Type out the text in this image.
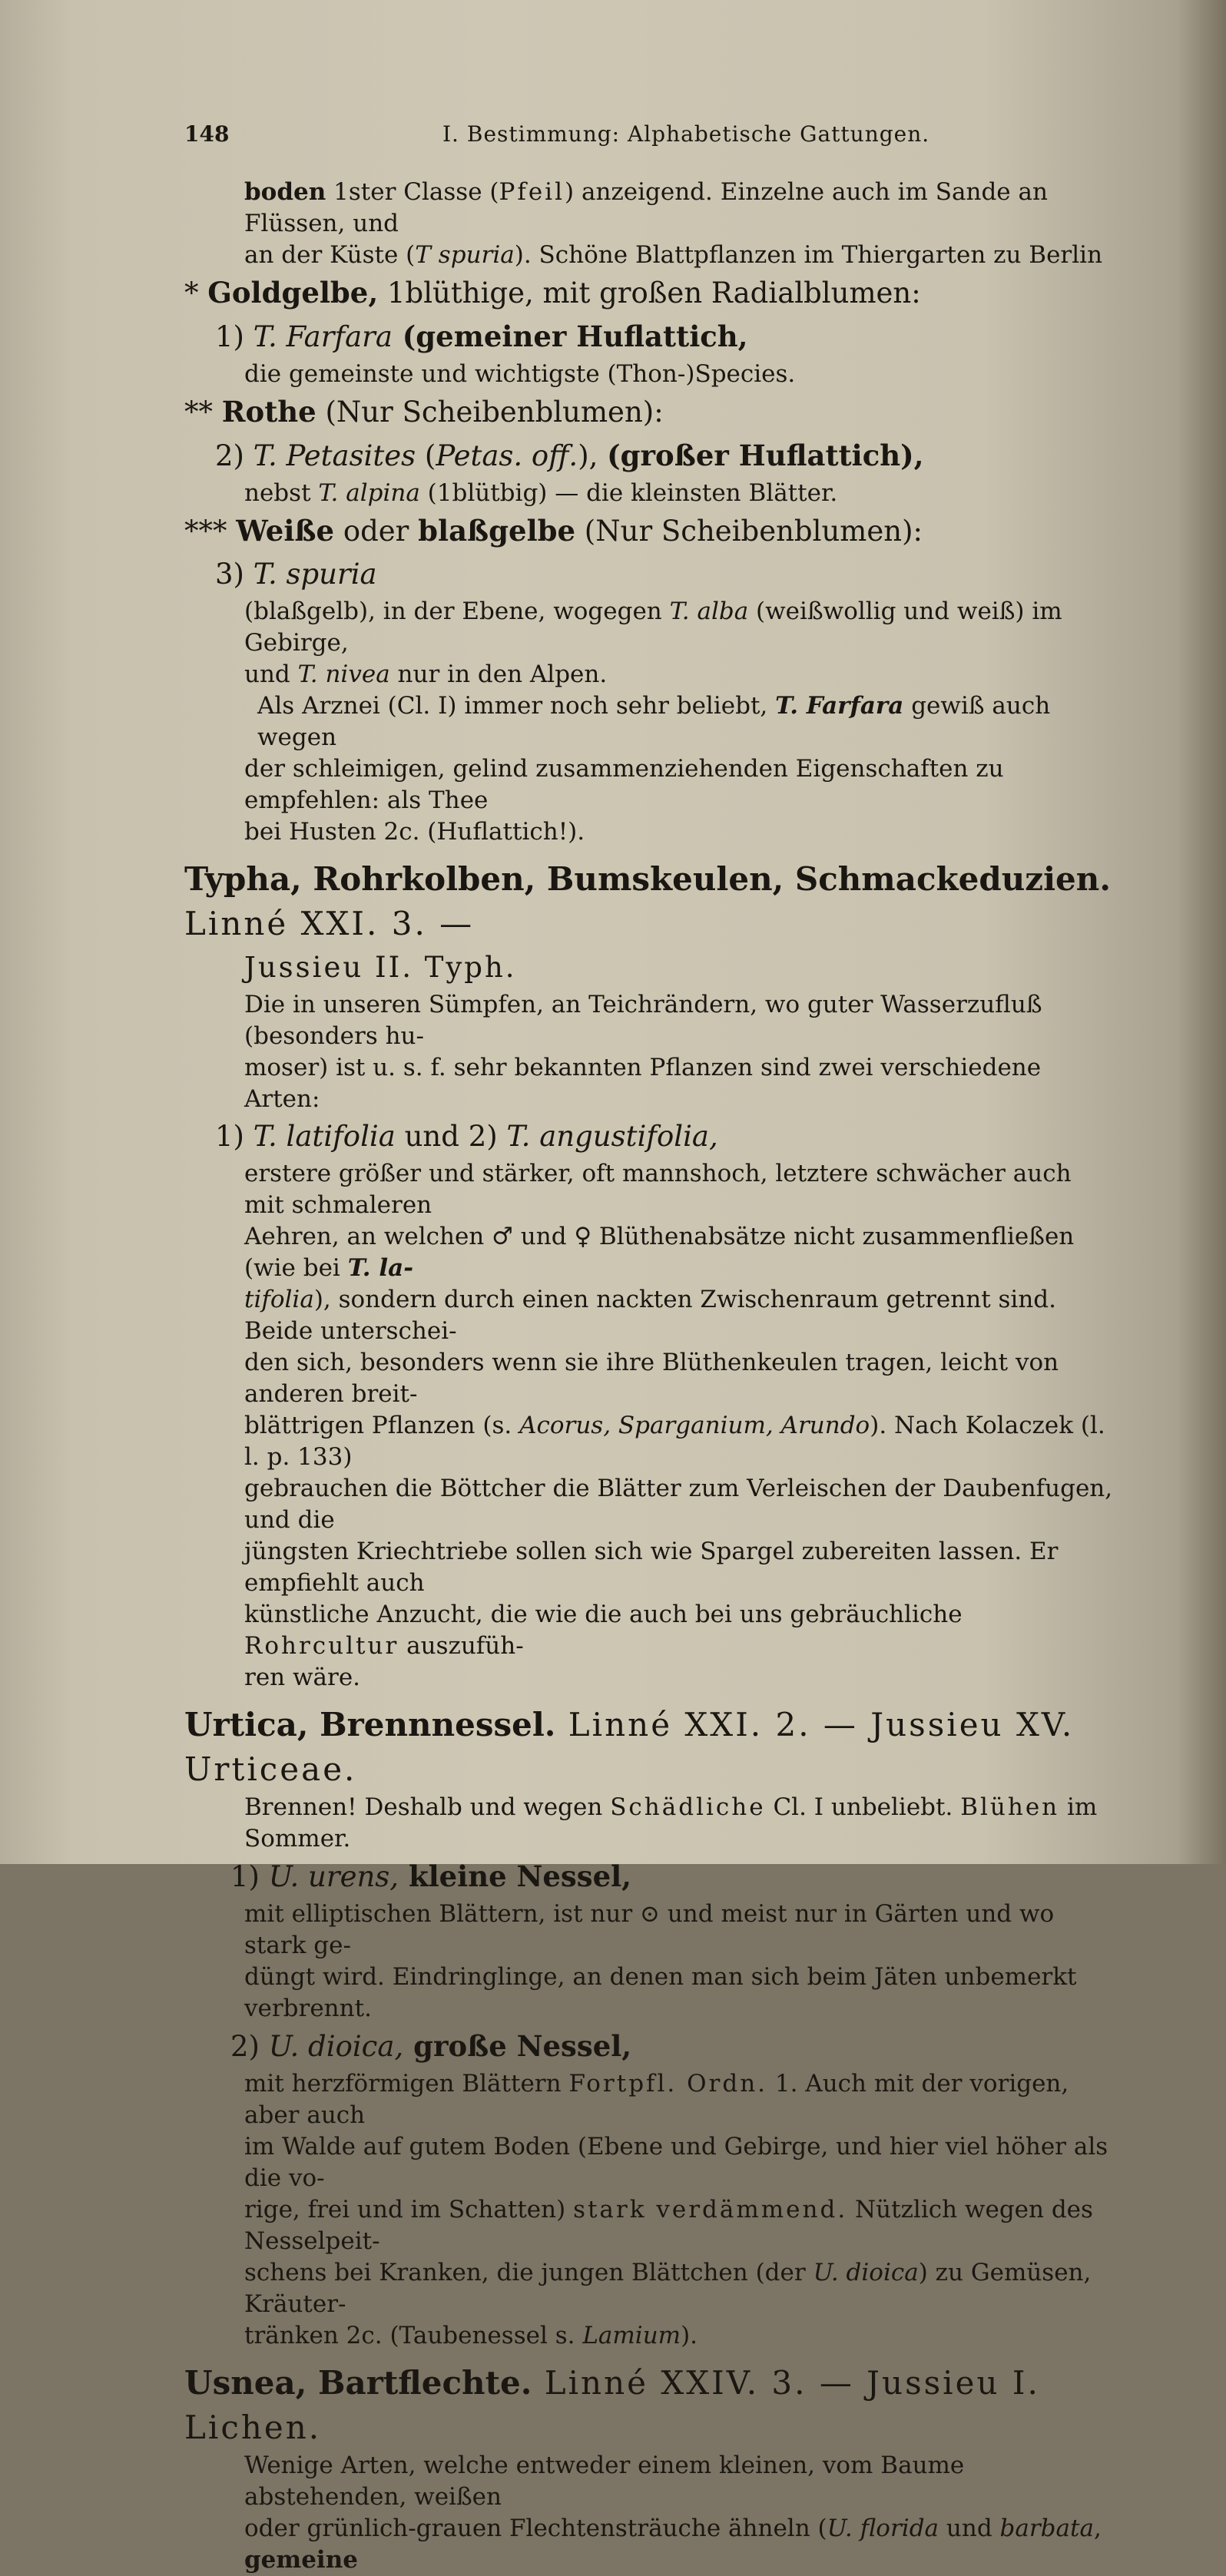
148	I. Bestimmung: Alphabetische Gattungen.

boden 1ster Classe (Pfeil) anzeigend. Einzelne auch im Sande an Flüssen, und

an der Küste (T spuria). Schöne Blattpflanzen im Thiergarten zu Berlin

* Goldgelbe, 1blüthige, mit großen Radialblumen:

1) T. Farfara (gemeiner Huflattich,

die gemeinste und wichtigste (Thon-)Species.

** Rothe (Nur Scheibenblumen):

2) T. Petasites (Petas. off.), (großer Huflattich),

nebst T. alpina (1blütbig) — die kleinsten Blätter.

*** Weiße oder blaßgelbe (Nur Scheibenblumen):

3) T. spuria

(blaßgelb), in der Ebene, wogegen T. alba (weißwollig und weiß) im Gebirge,

und T. nivea nur in den Alpen.

Als Arznei (Cl. I) immer noch sehr beliebt, T. Farfara gewiß auch wegen

der schleimigen, gelind zusammenziehenden Eigenschaften zu empfehlen: als Thee

bei Husten 2c. (Huflattich!).

Typha, Rohrkolben, Bumskeulen, Schmackeduzien. Linné XXI. 3. —

Jussieu II. Typh.

Die in unseren Sümpfen, an Teichrändern, wo guter Wasserzufluß (besonders hu-

moser) ist u. s. f. sehr bekannten Pflanzen sind zwei verschiedene Arten:

1) T. latifolia und 2) T. angustifolia,

erstere größer und stärker, oft mannshoch, letztere schwächer auch mit schmaleren

Aehren, an welchen ♂ und ♀ Blüthenabsätze nicht zusammenfließen (wie bei T. la-

tifolia), sondern durch einen nackten Zwischenraum getrennt sind. Beide unterschei-

den sich, besonders wenn sie ihre Blüthenkeulen tragen, leicht von anderen breit-

blättrigen Pflanzen (s. Acorus, Sparganium, Arundo). Nach Kolaczek (l. l. p. 133)

gebrauchen die Böttcher die Blätter zum Verleischen der Daubenfugen, und die

jüngsten Kriechtriebe sollen sich wie Spargel zubereiten lassen. Er empfiehlt auch

künstliche Anzucht, die wie die auch bei uns gebräuchliche Rohrcultur auszufüh-

ren wäre.

Urtica, Brennnessel. Linné XXI. 2. — Jussieu XV. Urticeae.

Brennen! Deshalb und wegen Schädliche Cl. I unbeliebt. Blühen im

Sommer.

1) U. urens, kleine Nessel,

mit elliptischen Blättern, ist nur ⊙ und meist nur in Gärten und wo stark ge-

düngt wird. Eindringlinge, an denen man sich beim Jäten unbemerkt verbrennt.

2) U. dioica, große Nessel,

mit herzförmigen Blättern Fortpfl. Ordn. 1. Auch mit der vorigen, aber auch

im Walde auf gutem Boden (Ebene und Gebirge, und hier viel höher als die vo-

rige, frei und im Schatten) stark verdämmend. Nützlich wegen des Nesselpeit-

schens bei Kranken, die jungen Blättchen (der U. dioica) zu Gemüsen, Kräuter-

tränken 2c. (Taubenessel s. Lamium).

Usnea, Bartflechte. Linné XXIV. 3. — Jussieu I. Lichen.

Wenige Arten, welche entweder einem kleinen, vom Baume abstehenden, weißen

oder grünlich-grauen Flechtensträuche ähneln (U. florida und barbata, gemeine
